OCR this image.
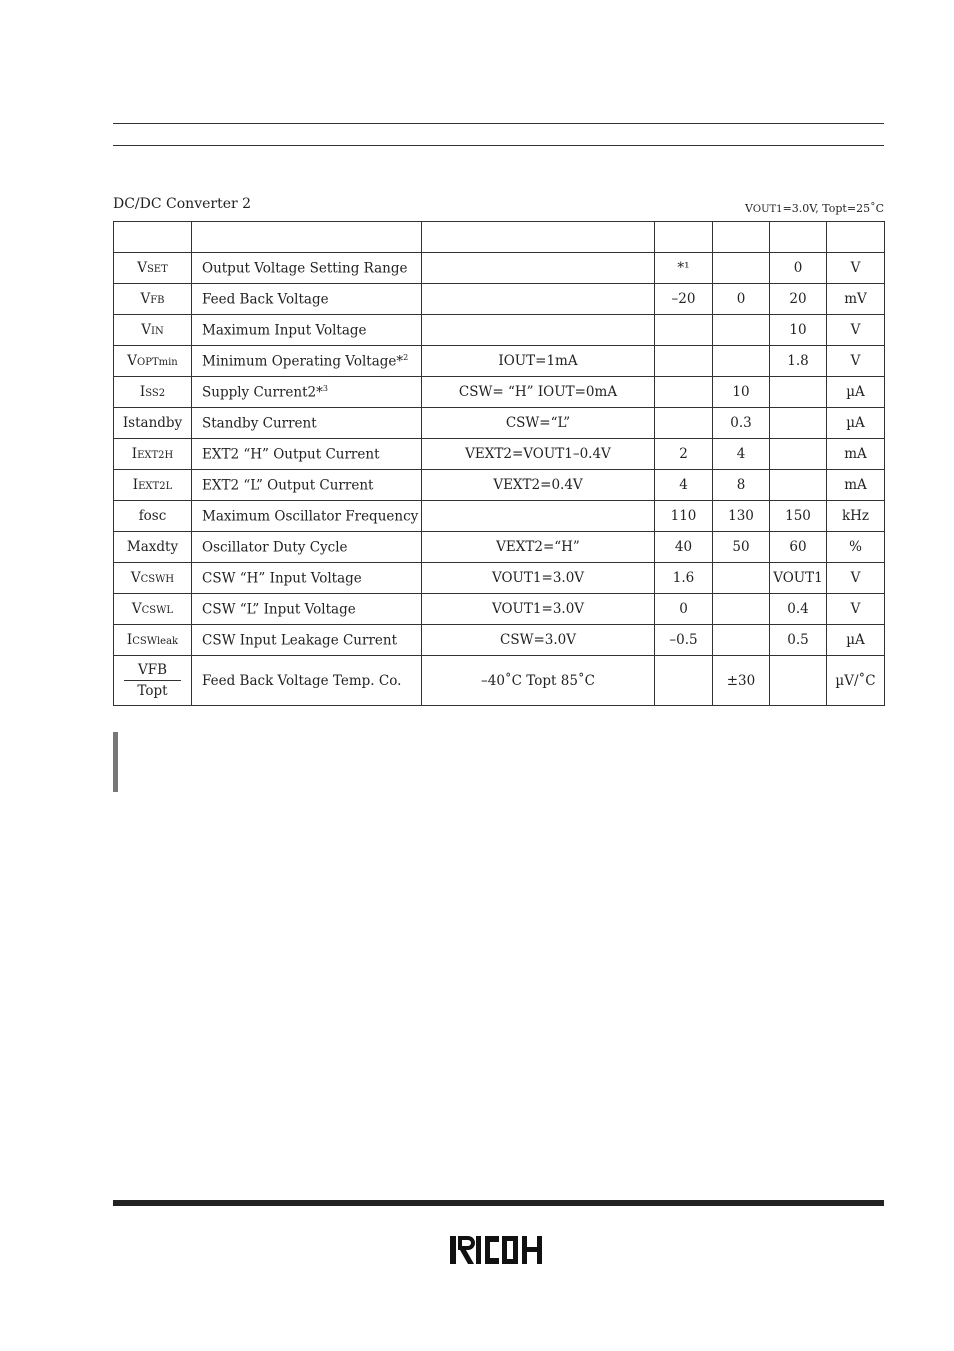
DC/DC Converter 2	VOUT1=3.0V, Topt=25˚C

VSET	Output Voltage Setting Range		*¹		0	V
VFB	Feed Back Voltage		–20	0	20	mV
VIN	Maximum Input Voltage				10	V
VOPTmin	Minimum Operating Voltage*$^2$	IOUT=1mA			1.8	V
ISS2	Supply Current2*$^3$	CSW= “H” IOUT=0mA		10		µA
Istandby	Standby Current	CSW=“L”		0.3		µA
IEXT2H	EXT2 “H” Output Current	VEXT2=VOUT1–0.4V	2	4		mA
IEXT2L	EXT2 “L” Output Current	VEXT2=0.4V	4	8		mA
fosc	Maximum Oscillator Frequency		110	130	150	kHz
Maxdty	Oscillator Duty Cycle	VEXT2=“H”	40	50	60	%
VCSWH	CSW “H” Input Voltage	VOUT1=3.0V	1.6		VOUT1	V
VCSWL	CSW “L” Input Voltage	VOUT1=3.0V	0		0.4	V
ICSWleak	CSW Input Leakage Current	CSW=3.0V	–0.5		0.5	µA

$\frac{\text{VFB}}{\text{Topt}}$	Feed Back Voltage Temp. Co.	–40˚C Topt 85˚C		±30		µV/˚C
